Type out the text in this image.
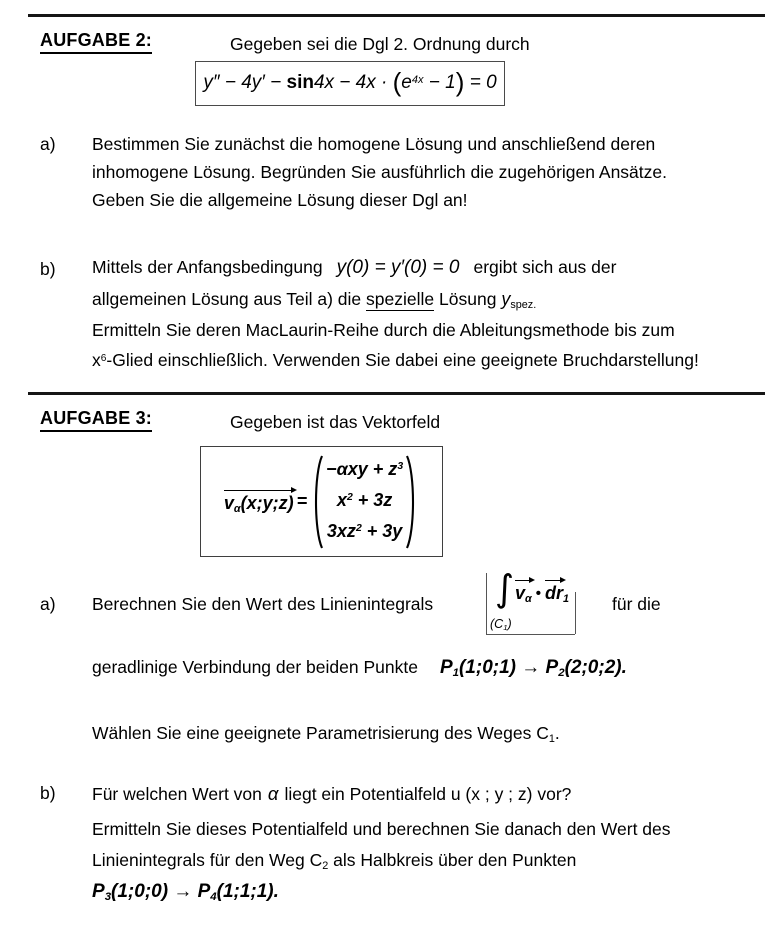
AUFGABE 2:	Gegeben sei die Dgl 2. Ordnung durch
$y'' - 4y' - \sin 4x - 4x \cdot (e^{4x} - 1) = 0$
a) Bestimmen Sie zunächst die homogene Lösung und anschließend deren
inhomogene Lösung. Begründen Sie ausführlich die zugehörigen Ansätze.
Geben Sie die allgemeine Lösung dieser Dgl an!
b) Mittels der Anfangsbedingung y(0) = y′(0) = 0 ergibt sich aus der
allgemeinen Lösung aus Teil a) die spezielle Lösung yspez.
Ermitteln Sie deren MacLaurin-Reihe durch die Ableitungsmethode bis zum
$x^6$-Glied einschließlich. Verwenden Sie dabei eine geeignete Bruchdarstellung!
AUFGABE 3:	Gegeben ist das Vektorfeld
vα(x;y;z) =
$-\alpha xy + z^3$
$x^2 + 3z$
$3xz^2 + 3y$
a) Berechnen Sie den Wert des Linienintegrals ∫
(C1)
vα • dr1 für die
geradlinige Verbindung der beiden Punkte P1(1;0;1) → P2(2;0;2).
Wählen Sie eine geeignete Parametrisierung des Weges C1.
b) Für welchen Wert von α liegt ein Potentialfeld u (x ; y ; z) vor?
Ermitteln Sie dieses Potentialfeld und berechnen Sie danach den Wert des
Linienintegrals für den Weg C2 als Halbkreis über den Punkten
P3(1;0;0) → P4(1;1;1).
